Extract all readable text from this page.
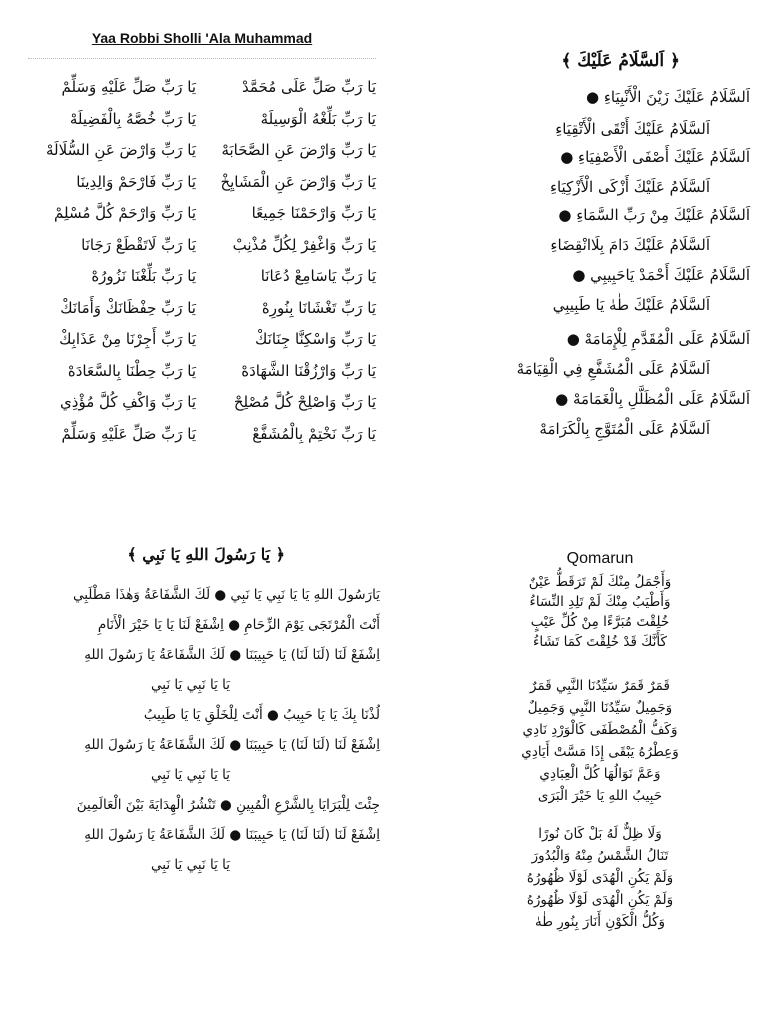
Yaa Robbi Sholli 'Ala Muhammad
يَا رَبِّ صَلِّ عَلَى مُحَمَّدْ
يَا رَبِّ صَلِّ عَلَيْهِ وَسَلِّمْ
يَا رَبِّ بَلِّغْهُ الْوَسِيلَهْ
يَا رَبِّ خُصَّهُ بِالْفَضِيلَهْ
يَا رَبِّ وَارْضَ عَنِ الصَّحَابَهْ
يَا رَبِّ وَارْضَ عَنِ السُّلَالَهْ
يَا رَبِّ وَارْضَ عَنِ الْمَشَايِخْ
يَا رَبِّ فَارْحَمْ وَالِدِينَا
يَا رَبِّ وَارْحَمْنَا جَمِيعًا
يَا رَبِّ وَارْحَمْ كُلَّ مُسْلِمْ
يَا رَبِّ وَاغْفِرْ لِكُلِّ مُذْنِبْ
يَا رَبِّ لَاتَقْطَعْ رَجَانَا
يَا رَبِّ يَاسَامِعْ دُعَانَا
يَا رَبِّ بَلِّغْنَا نَزُورُهْ
يَا رَبِّ تَغْشَانَا بِنُورِهْ
يَا رَبِّ حِفْظَانَكْ وَأَمَانَكْ
يَا رَبِّ وَاسْكِنَّا جِنَانَكْ
يَا رَبِّ أَجِرْنَا مِنْ عَذَابِكْ
يَا رَبِّ وَارْزُقْنَا الشَّهَادَهْ
يَا رَبِّ حِطْنَا بِالسَّعَادَهْ
يَا رَبِّ وَاصْلِحْ كُلَّ مُصْلِحْ
يَا رَبِّ وَاكْفِ كُلَّ مُؤْذِي
يَا رَبِّ نَخْتِمْ بِالْمُشَفَّعْ
يَا رَبِّ صَلِّ عَلَيْهِ وَسَلِّمْ
﴿ اَلسَّلَامُ عَلَيْكَ ﴾
اَلسَّلَامُ عَلَيْكَ زَيْنَ الْأَنْبِيَاءِ ●
اَلسَّلَامُ عَلَيْكَ أَتْقَى الْأَتْقِيَاءِ
اَلسَّلَامُ عَلَيْكَ أَصْفَى الْأَصْفِيَاءِ ●
اَلسَّلَامُ عَلَيْكَ أَزْكَى الْأَزْكِيَاءِ
اَلسَّلَامُ عَلَيْكَ مِنْ رَبِّ السَّمَاءِ ●
اَلسَّلَامُ عَلَيْكَ دَامَ بِلَاانْقِضَاءِ
اَلسَّلَامُ عَلَيْكَ أَحْمَدْ يَاحَبِيبِي ●
اَلسَّلَامُ عَلَيْكَ طٰهٰ يَا طَبِيبِي
اَلسَّلَامُ عَلَى الْمُقَدَّمِ لِلْإِمَامَهْ ●
اَلسَّلَامُ عَلَى الْمُشَفَّعِ فِي الْقِيَامَهْ
اَلسَّلَامُ عَلَى الْمُظَلَّلِ بِالْغَمَامَهْ ●
اَلسَّلَامُ عَلَى الْمُتَوَّجِ بِالْكَرَامَهْ
﴿ يَا رَسُولَ اللهِ يَا نَبِي ﴾
يَارَسُولَ اللهِ يَا يَا نَبِي يَا نَبِي ● لَكَ الشَّفَاعَةُ وَهٰذَا مَطْلَبِي
أَنْتَ الْمُرْتَجَى يَوْمَ الزِّحَامِ ● اِشْفَعْ لَنَا يَا يَا خَيْرَ الْأَنَامِ
اِشْفَعْ لَنَا (لَنَا لَنَا) يَا حَبِيبَنَا ● لَكَ الشَّفَاعَةُ يَا رَسُولَ اللهِ
يَا يَا نَبِي يَا نَبِي
لُذْنَا بِكَ يَا يَا حَبِيبُ ● أَنْتَ لِلْخَلْقِ يَا يَا طَبِيبُ
اِشْفَعْ لَنَا (لَنَا لَنَا) يَا حَبِيبَنَا ● لَكَ الشَّفَاعَةُ يَا رَسُولَ اللهِ
يَا يَا نَبِي يَا نَبِي
جِئْتَ لِلْبَرَايَا بِالشَّرْعِ الْمُبِينِ ● تَنْشُرُ الْهِدَايَةَ بَيْنَ الْعَالَمِينَ
اِشْفَعْ لَنَا (لَنَا لَنَا) يَا حَبِيبَنَا ● لَكَ الشَّفَاعَةُ يَا رَسُولَ اللهِ
يَا يَا نَبِي يَا نَبِي
Qomarun
وَأَجْمَلُ مِنْكَ لَمْ تَرَقَطُّ عَيْنٌ
وَأَطْيَبُ مِنْكَ لَمْ تَلِدِ النِّسَاءُ
خُلِقْتَ مُبَرَّءًا مِنْ كُلِّ عَيْبٍ
كَأَنَّكَ قَدْ خُلِقْتَ كَمَا تَشَاءُ
قَمَرٌ قَمَرٌ سَيِّدُنَا النَّبِي قَمَرٌ
وَجَمِيلٌ سَيِّدُنَا النَّبِي وَجَمِيلٌ
وَكَفُّ الْمُصْطَفَى كَالْوَرْدِ نَادِي
وَعِطْرُهُ يَبْقَى إِذَا مَسَّتْ أَيَادِي
وَعَمَّ نَوَالُهَا كُلَّ الْعِبَادِي
حَبِيبُ اللهِ يَا خَيْرَ الْبَرَى
وَلَا ظِلٌّ لَهُ بَلْ كَانَ نُورًا
تَنَالُ الشَّمْسُ مِنْهُ وَالْبُدُورَ
وَلَمْ يَكُنِ الْهُدَى لَوْلَا ظُهُورُهُ
وَلَمْ يَكُنِ الْهُدَى لَوْلَا ظُهُورُهُ
وَكُلُّ الْكَوْنِ أَنَارَ بِنُورِ طٰهٰ
